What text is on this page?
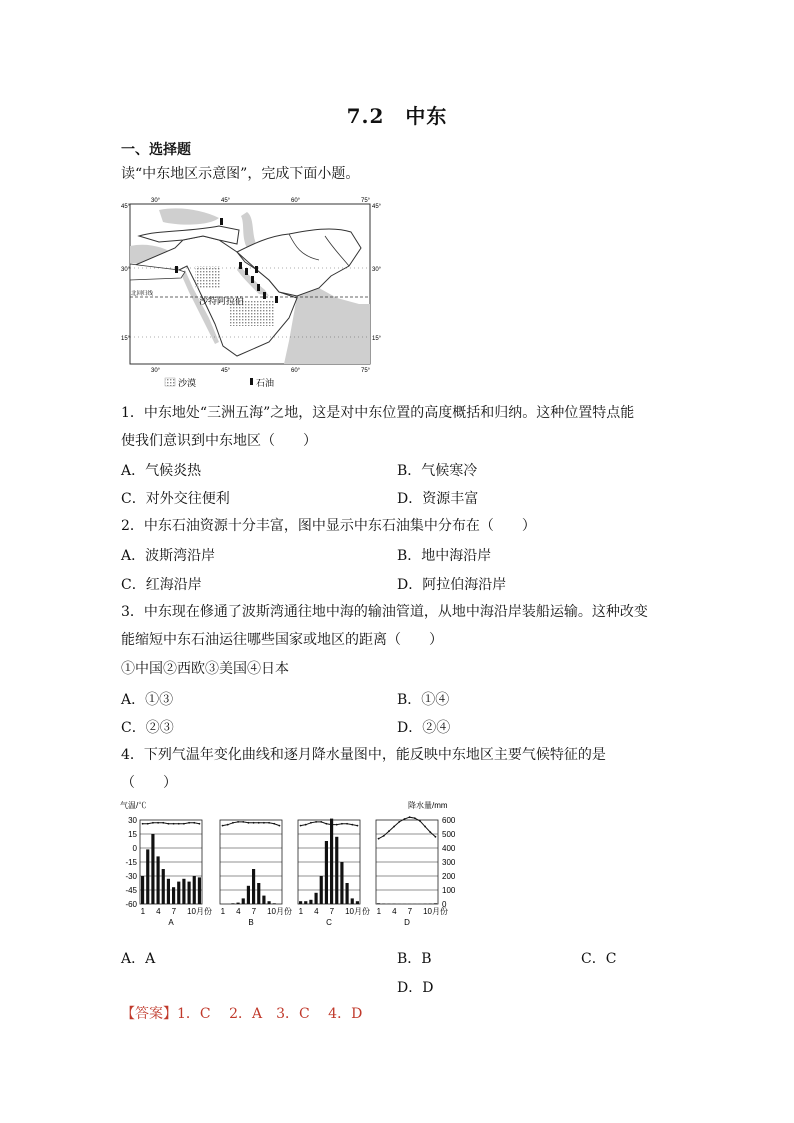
7.2　中东
一、选择题
读“中东地区示意图”，完成下面小题。
45°
30°
15°
45°
30°
15°
30°	45°	60°	75°
30°	45°	60°	75°
北回归线
沙特阿拉伯
沙漠	石油
1．中东地处“三洲五海”之地，这是对中东位置的高度概括和归纳。这种位置特点能
使我们意识到中东地区（　　）
A．气候炎热	B．气候寒冷
C．对外交往便利	D．资源丰富
2．中东石油资源十分丰富，图中显示中东石油集中分布在（　　）
A．波斯湾沿岸	B．地中海沿岸
C．红海沿岸	D．阿拉伯海沿岸
3．中东现在修通了波斯湾通往地中海的输油管道，从地中海沿岸装船运输。这种改变
能缩短中东石油运往哪些国家或地区的距离（　　）
①中国②西欧③美国④日本
A．①③	B．①④
C．②③	D．②④
4．下列气温年变化曲线和逐月降水量图中，能反映中东地区主要气候特征的是
（　　）
气温/℃	降水量/mm
30
15
0
-15
-30
-45
-60
600
500
400
300
200
100
0
1 4 7 10月份
A
1 4 7 10月份
B
1 4 7 10月份
C
1 4 7 10月份
D
A．A	B．B	C．C
D．D
【答案】1．C　 2．A　3．C　 4．D
